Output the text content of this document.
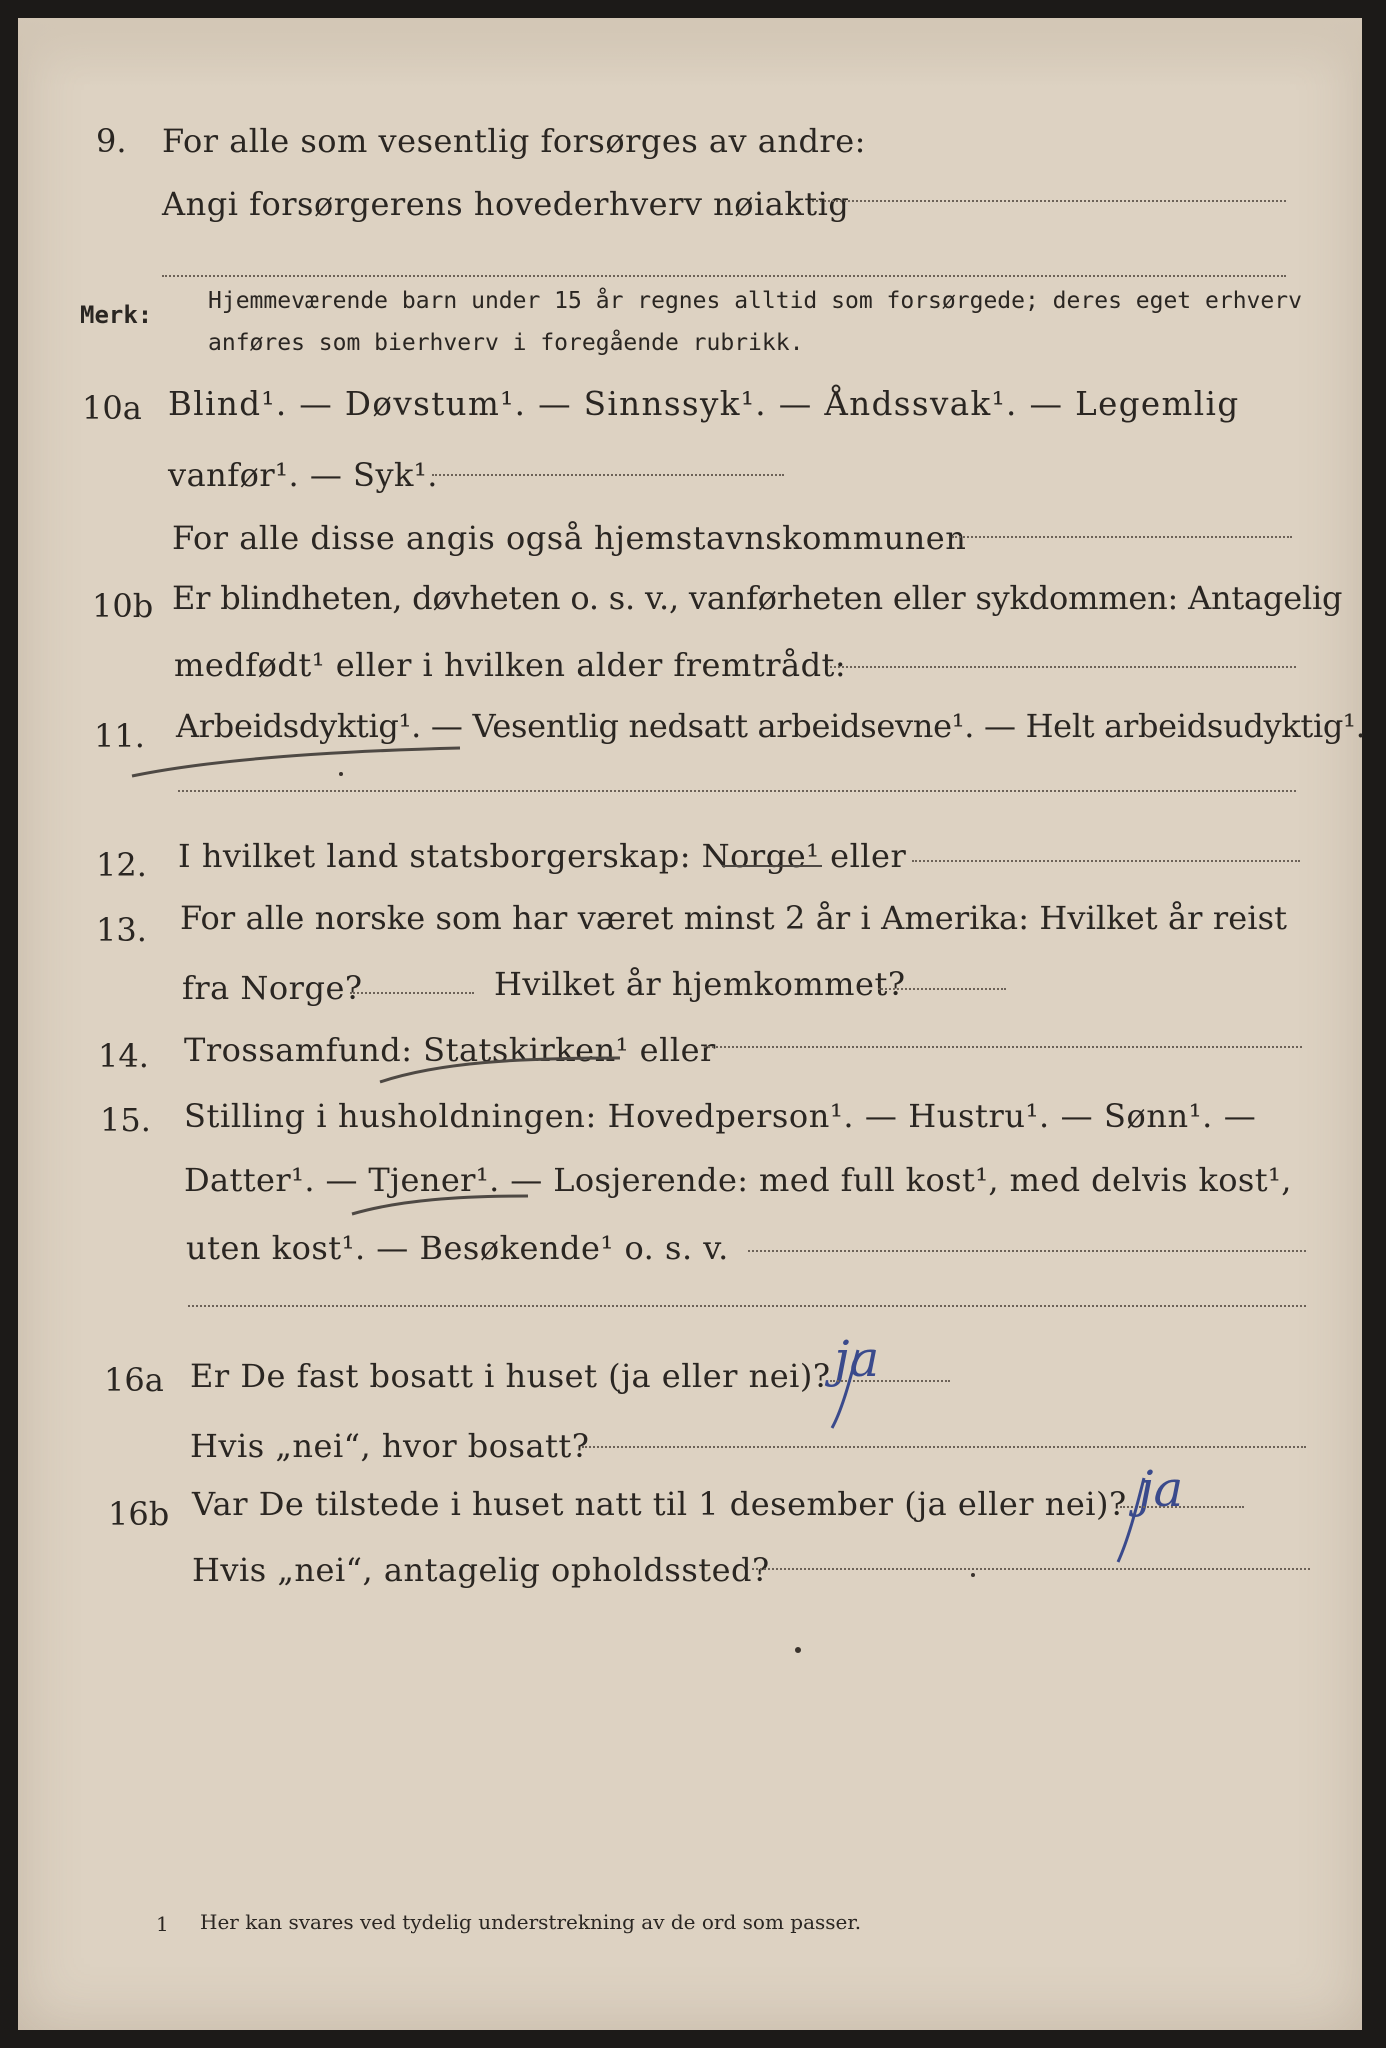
9. For alle som vesentlig forsørges av andre:
Angi forsørgerens hovederhverv nøiaktig
Merk: Hjemmeværende barn under 15 år regnes alltid som forsørgede; deres eget erhverv
anføres som bierhverv i foregående rubrikk.
10a Blind¹. — Døvstum¹. — Sinnssyk¹. — Åndssvak¹. — Legemlig
vanfør¹. — Syk¹.
For alle disse angis også hjemstavnskommunen
10b Er blindheten, døvheten o. s. v., vanførheten eller sykdommen: Antagelig
medfødt¹ eller i hvilken alder fremtrådt:
11. Arbeidsdyktig¹. — Vesentlig nedsatt arbeidsevne¹. — Helt arbeidsudyktig¹.
12. I hvilket land statsborgerskap: Norge¹ eller
13. For alle norske som har været minst 2 år i Amerika: Hvilket år reist
fra Norge?	Hvilket år hjemkommet?
14. Trossamfund: Statskirken¹ eller
15. Stilling i husholdningen: Hovedperson¹. — Hustru¹. — Sønn¹. —
Datter¹. — Tjener¹. — Losjerende: med full kost¹, med delvis kost¹,
uten kost¹. — Besøkende¹ o. s. v.
16a Er De fast bosatt i huset (ja eller nei)? ja
Hvis „nei“, hvor bosatt?
16b Var De tilstede i huset natt til 1 desember (ja eller nei)? ja
Hvis „nei“, antagelig opholdssted?
1 Her kan svares ved tydelig understrekning av de ord som passer.
